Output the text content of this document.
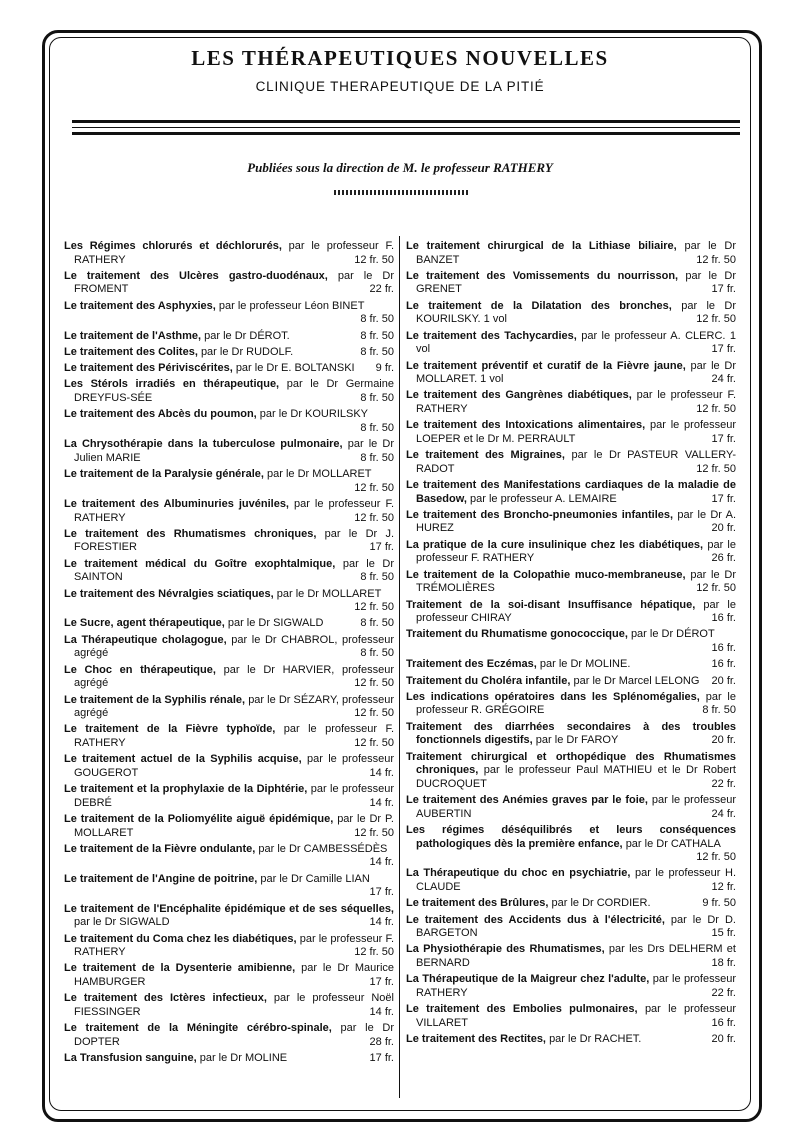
LES THÉRAPEUTIQUES NOUVELLES
CLINIQUE THERAPEUTIQUE DE LA PITIÉ
Publiées sous la direction de M. le professeur RATHERY

Les Régimes chlorurés et déchlorurés, par le professeur F. RATHERY	12 fr. 50

Le traitement des Ulcères gastro-duodénaux, par le Dr FROMENT	22 fr.

Le traitement des Asphyxies, par le professeur Léon BINET
8 fr. 50

Le traitement de l'Asthme, par le Dr DÉROT.	8 fr. 50

Le traitement des Colites, par le Dr RUDOLF.	8 fr. 50

Le traitement des Périviscérites, par le Dr E. BOLTANSKI 9 fr.

Les Stérols irradiés en thérapeutique, par le Dr Germaine DREYFUS-SÉE	8 fr. 50

Le traitement des Abcès du poumon, par le Dr KOURILSKY
8 fr. 50

La Chrysothérapie dans la tuberculose pulmonaire, par le Dr Julien MARIE	8 fr. 50

Le traitement de la Paralysie générale, par le Dr MOLLARET
12 fr. 50

Le traitement des Albuminuries juvéniles, par le professeur F. RATHERY	12 fr. 50

Le traitement des Rhumatismes chroniques, par le Dr J. FORESTIER	17 fr.

Le traitement médical du Goître exophtalmique, par le Dr SAINTON	8 fr. 50

Le traitement des Névralgies sciatiques, par le Dr MOLLARET
12 fr. 50

Le Sucre, agent thérapeutique, par le Dr SIGWALD	8 fr. 50

La Thérapeutique cholagogue, par le Dr CHABROL, professeur agrégé	8 fr. 50

Le Choc en thérapeutique, par le Dr HARVIER, professeur agrégé	12 fr. 50

Le traitement de la Syphilis rénale, par le Dr SÉZARY, professeur agrégé	12 fr. 50

Le traitement de la Fièvre typhoïde, par le professeur F. RATHERY	12 fr. 50

Le traitement actuel de la Syphilis acquise, par le professeur GOUGEROT	14 fr.

Le traitement et la prophylaxie de la Diphtérie, par le professeur DEBRÉ	14 fr.

Le traitement de la Poliomyélite aiguë épidémique, par le Dr P. MOLLARET	12 fr. 50

Le traitement de la Fièvre ondulante, par le Dr CAMBESSÉDÈS
14 fr.

Le traitement de l'Angine de poitrine, par le Dr Camille LIAN
17 fr.

Le traitement de l'Encéphalite épidémique et de ses séquelles, par le Dr SIGWALD	14 fr.

Le traitement du Coma chez les diabétiques, par le professeur F. RATHERY	12 fr. 50

Le traitement de la Dysenterie amibienne, par le Dr Maurice HAMBURGER	17 fr.

Le traitement des Ictères infectieux, par le professeur Noël FIESSINGER	14 fr.

Le traitement de la Méningite cérébro-spinale, par le Dr DOPTER	28 fr.

La Transfusion sanguine, par le Dr MOLINE	17 fr.

Le traitement chirurgical de la Lithiase biliaire, par le Dr BANZET	12 fr. 50

Le traitement des Vomissements du nourrisson, par le Dr GRENET	17 fr.

Le traitement de la Dilatation des bronches, par le Dr KOURILSKY. 1 vol	12 fr. 50

Le traitement des Tachycardies, par le professeur A. CLERC. 1 vol	17 fr.

Le traitement préventif et curatif de la Fièvre jaune, par le Dr MOLLARET. 1 vol	24 fr.

Le traitement des Gangrènes diabétiques, par le professeur F. RATHERY	12 fr. 50

Le traitement des Intoxications alimentaires, par le professeur LOEPER et le Dr M. PERRAULT	17 fr.

Le traitement des Migraines, par le Dr PASTEUR VALLERY-RADOT	12 fr. 50

Le traitement des Manifestations cardiaques de la maladie de Basedow, par le professeur A. LEMAIRE	17 fr.

Le traitement des Broncho-pneumonies infantiles, par le Dr A. HUREZ	20 fr.

La pratique de la cure insulinique chez les diabétiques, par le professeur F. RATHERY	26 fr.

Le traitement de la Colopathie muco-membraneuse, par le Dr TRÉMOLIÈRES	12 fr. 50

Traitement de la soi-disant Insuffisance hépatique, par le professeur CHIRAY	16 fr.

Traitement du Rhumatisme gonococcique, par le Dr DÉROT
16 fr.

Traitement des Eczémas, par le Dr MOLINE.	16 fr.

Traitement du Choléra infantile, par le Dr Marcel LELONG 20 fr.

Les indications opératoires dans les Splénomégalies, par le professeur R. GRÉGOIRE	8 fr. 50

Traitement des diarrhées secondaires à des troubles fonctionnels digestifs, par le Dr FAROY	20 fr.

Traitement chirurgical et orthopédique des Rhumatismes chroniques, par le professeur Paul MATHIEU et le Dr Robert DUCROQUET	22 fr.

Le traitement des Anémies graves par le foie, par le professeur AUBERTIN	24 fr.

Les régimes déséquilibrés et leurs conséquences pathologiques dès la première enfance, par le Dr CATHALA
12 fr. 50

La Thérapeutique du choc en psychiatrie, par le professeur H. CLAUDE	12 fr.

Le traitement des Brûlures, par le Dr CORDIER.	9 fr. 50

Le traitement des Accidents dus à l'électricité, par le Dr D. BARGETON	15 fr.

La Physiothérapie des Rhumatismes, par les Drs DELHERM et BERNARD	18 fr.

La Thérapeutique de la Maigreur chez l'adulte, par le professeur RATHERY	22 fr.

Le traitement des Embolies pulmonaires, par le professeur VILLARET	16 fr.

Le traitement des Rectites, par le Dr RACHET.	20 fr.
